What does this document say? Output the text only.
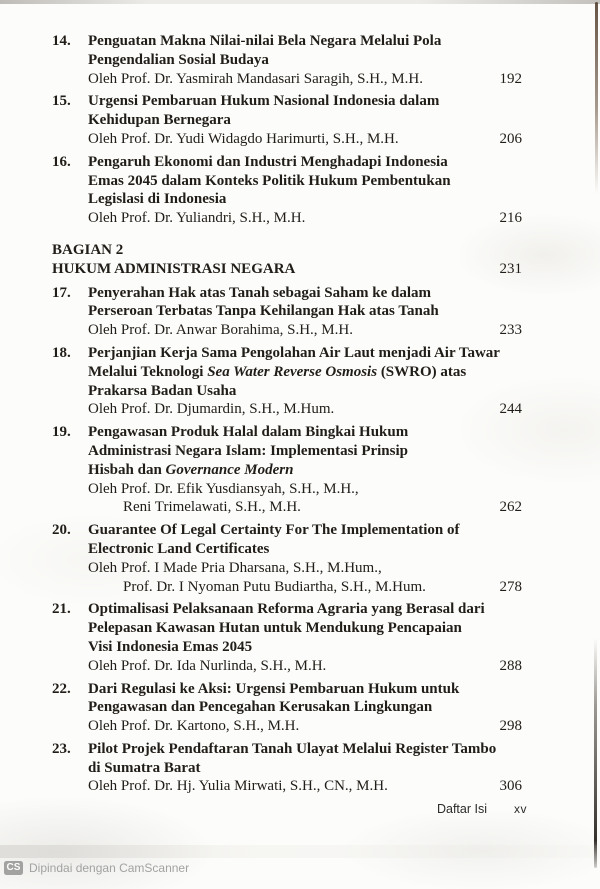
14.	Penguatan Makna Nilai-nilai Bela Negara Melalui Pola
Pengendalian Sosial Budaya
Oleh Prof. Dr. Yasmirah Mandasari Saragih, S.H., M.H.	192
15.	Urgensi Pembaruan Hukum Nasional Indonesia dalam
Kehidupan Bernegara
Oleh Prof. Dr. Yudi Widagdo Harimurti, S.H., M.H.	206
16.	Pengaruh Ekonomi dan Industri Menghadapi Indonesia
Emas 2045 dalam Konteks Politik Hukum Pembentukan
Legislasi di Indonesia
Oleh Prof. Dr. Yuliandri, S.H., M.H.	216
BAGIAN 2
HUKUM ADMINISTRASI NEGARA	231
17.	Penyerahan Hak atas Tanah sebagai Saham ke dalam
Perseroan Terbatas Tanpa Kehilangan Hak atas Tanah
Oleh Prof. Dr. Anwar Borahima, S.H., M.H.	233
18.	Perjanjian Kerja Sama Pengolahan Air Laut menjadi Air Tawar
Melalui Teknologi Sea Water Reverse Osmosis (SWRO) atas
Prakarsa Badan Usaha
Oleh Prof. Dr. Djumardin, S.H., M.Hum.	244
19.	Pengawasan Produk Halal dalam Bingkai Hukum
Administrasi Negara Islam: Implementasi Prinsip
Hisbah dan Governance Modern
Oleh Prof. Dr. Efik Yusdiansyah, S.H., M.H.,
Reni Trimelawati, S.H., M.H.	262
20.	Guarantee Of Legal Certainty For The Implementation of
Electronic Land Certificates
Oleh Prof. I Made Pria Dharsana, S.H., M.Hum.,
Prof. Dr. I Nyoman Putu Budiartha, S.H., M.Hum.	278
21.	Optimalisasi Pelaksanaan Reforma Agraria yang Berasal dari
Pelepasan Kawasan Hutan untuk Mendukung Pencapaian
Visi Indonesia Emas 2045
Oleh Prof. Dr. Ida Nurlinda, S.H., M.H.	288
22.	Dari Regulasi ke Aksi: Urgensi Pembaruan Hukum untuk
Pengawasan dan Pencegahan Kerusakan Lingkungan
Oleh Prof. Dr. Kartono, S.H., M.H.	298
23.	Pilot Projek Pendaftaran Tanah Ulayat Melalui Register Tambo
di Sumatra Barat
Oleh Prof. Dr. Hj. Yulia Mirwati, S.H., CN., M.H.	306
Daftar Isi xv
CS Dipindai dengan CamScanner
